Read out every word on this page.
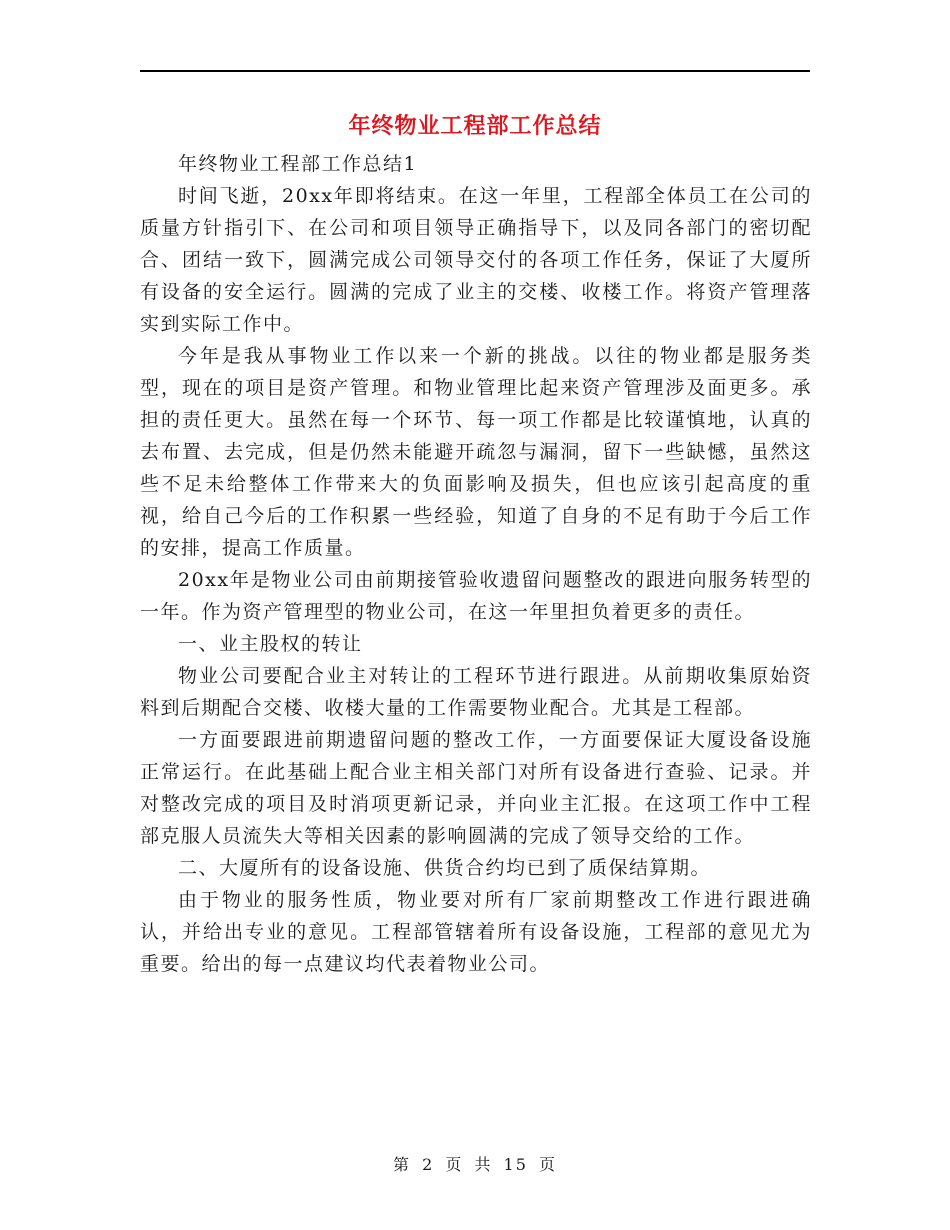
年终物业工程部工作总结

年终物业工程部工作总结1

时间飞逝，20xx年即将结束。在这一年里，工程部全体员工在公司的质量方针指引下、在公司和项目领导正确指导下，以及同各部门的密切配合、团结一致下，圆满完成公司领导交付的各项工作任务，保证了大厦所有设备的安全运行。圆满的完成了业主的交楼、收楼工作。将资产管理落实到实际工作中。

今年是我从事物业工作以来一个新的挑战。以往的物业都是服务类型，现在的项目是资产管理。和物业管理比起来资产管理涉及面更多。承担的责任更大。虽然在每一个环节、每一项工作都是比较谨慎地，认真的去布置、去完成，但是仍然未能避开疏忽与漏洞，留下一些缺憾，虽然这些不足未给整体工作带来大的负面影响及损失，但也应该引起高度的重视，给自己今后的工作积累一些经验，知道了自身的不足有助于今后工作的安排，提高工作质量。

20xx年是物业公司由前期接管验收遗留问题整改的跟进向服务转型的一年。作为资产管理型的物业公司，在这一年里担负着更多的责任。

一、业主股权的转让

物业公司要配合业主对转让的工程环节进行跟进。从前期收集原始资料到后期配合交楼、收楼大量的工作需要物业配合。尤其是工程部。

一方面要跟进前期遗留问题的整改工作，一方面要保证大厦设备设施正常运行。在此基础上配合业主相关部门对所有设备进行查验、记录。并对整改完成的项目及时消项更新记录，并向业主汇报。在这项工作中工程部克服人员流失大等相关因素的影响圆满的完成了领导交给的工作。

二、大厦所有的设备设施、供货合约均已到了质保结算期。

由于物业的服务性质，物业要对所有厂家前期整改工作进行跟进确认，并给出专业的意见。工程部管辖着所有设备设施，工程部的意见尤为重要。给出的每一点建议均代表着物业公司。

第 2 页 共 15 页
